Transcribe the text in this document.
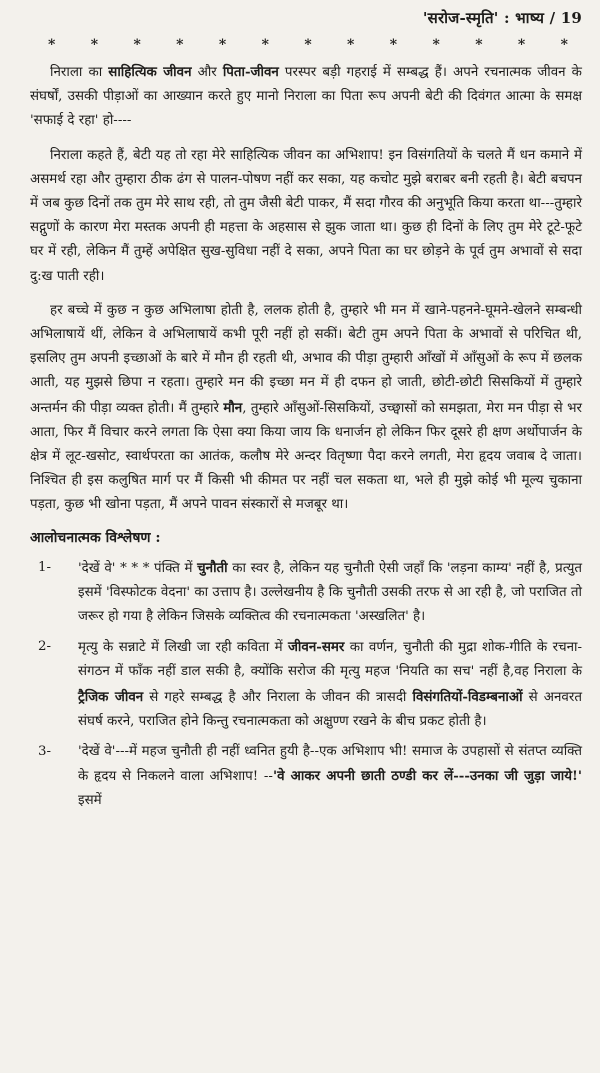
'सरोज-स्मृति' : भाष्य / 19
*	*	*	*	*	*	*	*	*	*	*	*	*

निराला का साहित्यिक जीवन और पिता-जीवन परस्पर बड़ी गहराई में सम्बद्ध हैं। अपने रचनात्मक जीवन के संघर्षों, उसकी पीड़ाओं का आख्यान करते हुए मानो निराला का पिता रूप अपनी बेटी की दिवंगत आत्मा के समक्ष 'सफाई दे रहा' हो----

निराला कहते हैं, बेटी यह तो रहा मेरे साहित्यिक जीवन का अभिशाप! इन विसंगतियों के चलते मैं धन कमाने में असमर्थ रहा और तुम्हारा ठीक ढंग से पालन-पोषण नहीं कर सका, यह कचोट मुझे बराबर बनी रहती है। बेटी बचपन में जब कुछ दिनों तक तुम मेरे साथ रही, तो तुम जैसी बेटी पाकर, मैं सदा गौरव की अनुभूति किया करता था---तुम्हारे सद्गुणों के कारण मेरा मस्तक अपनी ही महत्ता के अहसास से झुक जाता था। कुछ ही दिनों के लिए तुम मेरे टूटे-फूटे घर में रही, लेकिन मैं तुम्हें अपेक्षित सुख-सुविधा नहीं दे सका, अपने पिता का घर छोड़ने के पूर्व तुम अभावों से सदा दु:ख पाती रही।

हर बच्चे में कुछ न कुछ अभिलाषा होती है, ललक होती है, तुम्हारे भी मन में खाने-पहनने-घूमने-खेलने सम्बन्धी अभिलाषायें थीं, लेकिन वे अभिलाषायें कभी पूरी नहीं हो सकीं। बेटी तुम अपने पिता के अभावों से परिचित थी, इसलिए तुम अपनी इच्छाओं के बारे में मौन ही रहती थी, अभाव की पीड़ा तुम्हारी आँखों में आँसुओं के रूप में छलक आती, यह मुझसे छिपा न रहता। तुम्हारे मन की इच्छा मन में ही दफन हो जाती, छोटी-छोटी सिसकियों में तुम्हारे अन्तर्मन की पीड़ा व्यक्त होती। मैं तुम्हारे मौन, तुम्हारे आँसुओं-सिसकियों, उच्छ्वासों को समझता, मेरा मन पीड़ा से भर आता, फिर मैं विचार करने लगता कि ऐसा क्या किया जाय कि धनार्जन हो लेकिन फिर दूसरे ही क्षण अर्थोपार्जन के क्षेत्र में लूट-खसोट, स्वार्थपरता का आतंक, कलौष मेरे अन्दर वितृष्णा पैदा करने लगती, मेरा हृदय जवाब दे जाता। निश्चित ही इस कलुषित मार्ग पर मैं किसी भी कीमत पर नहीं चल सकता था, भले ही मुझे कोई भी मूल्य चुकाना पड़ता, कुछ भी खोना पड़ता, मैं अपने पावन संस्कारों से मजबूर था।

आलोचनात्मक विश्लेषण :
1-	'देखें वे' * * * पंक्ति में चुनौती का स्वर है, लेकिन यह चुनौती ऐसी जहाँ कि 'लड़ना काम्य' नहीं है, प्रत्युत इसमें 'विस्फोटक वेदना' का उत्ताप है। उल्लेखनीय है कि चुनौती उसकी तरफ से आ रही है, जो पराजित तो जरूर हो गया है लेकिन जिसके व्यक्तित्व की रचनात्मकता 'अस्खलित' है।

2-	मृत्यु के सन्नाटे में लिखी जा रही कविता में जीवन-समर का वर्णन, चुनौती की मुद्रा शोक-गीति के रचना-संगठन में फाँक नहीं डाल सकी है, क्योंकि सरोज की मृत्यु महज 'नियति का सच' नहीं है,वह निराला के ट्रैजिक जीवन से गहरे सम्बद्ध है और निराला के जीवन की त्रासदी विसंगतियों-विडम्बनाओं से अनवरत संघर्ष करने, पराजित होने किन्तु रचनात्मकता को अक्षुण्ण रखने के बीच प्रकट होती है।

3-	'देखें वे'---में महज चुनौती ही नहीं ध्वनित हुयी है--एक अभिशाप भी! समाज के उपहासों से संतप्त व्यक्ति के हृदय से निकलने वाला अभिशाप! --'वे आकर अपनी छाती ठण्डी कर लें---उनका जी जुड़ा जाये!' इसमें
